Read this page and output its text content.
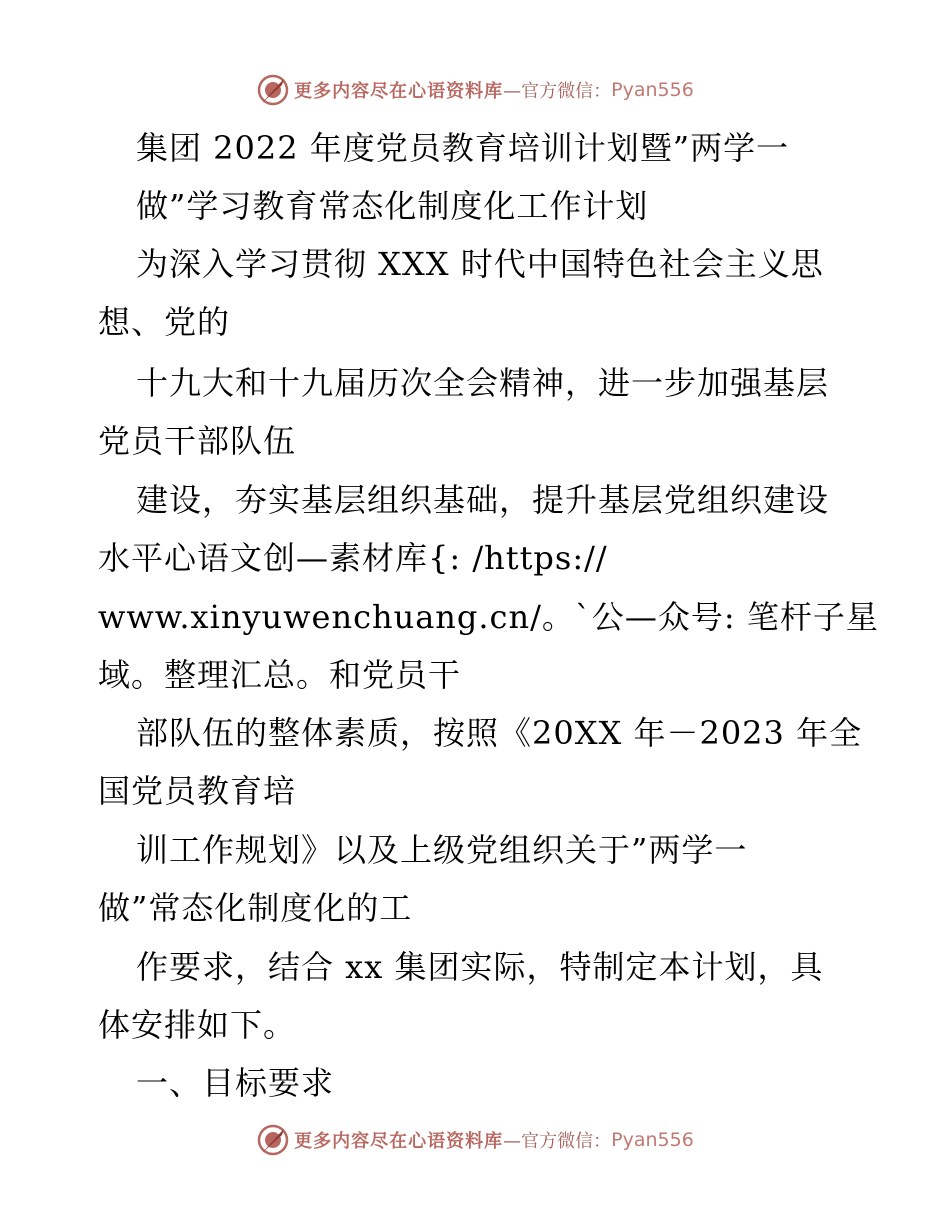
更多内容尽在心语资料库 —官方微信： Pyan556
集团 2022 年度党员教育培训计划暨”两学一
做”学习教育常态化制度化工作计划
为深入学习贯彻 XXX 时代中国特色社会主义思
想、党的
十九大和十九届历次全会精神，进一步加强基层
党员干部队伍
建设，夯实基层组织基础，提升基层党组织建设
水平心语文创—素材库{: /https://
www.xinyuwenchuang.cn/。`公—众号: 笔杆子星
域。整理汇总。和党员干
部队伍的整体素质，按照《20XX 年－2023 年全
国党员教育培
训工作规划》以及上级党组织关于”两学一
做”常态化制度化的工
作要求，结合 xx 集团实际，特制定本计划，具
体安排如下。
一、目标要求
更多内容尽在心语资料库 —官方微信： Pyan556
